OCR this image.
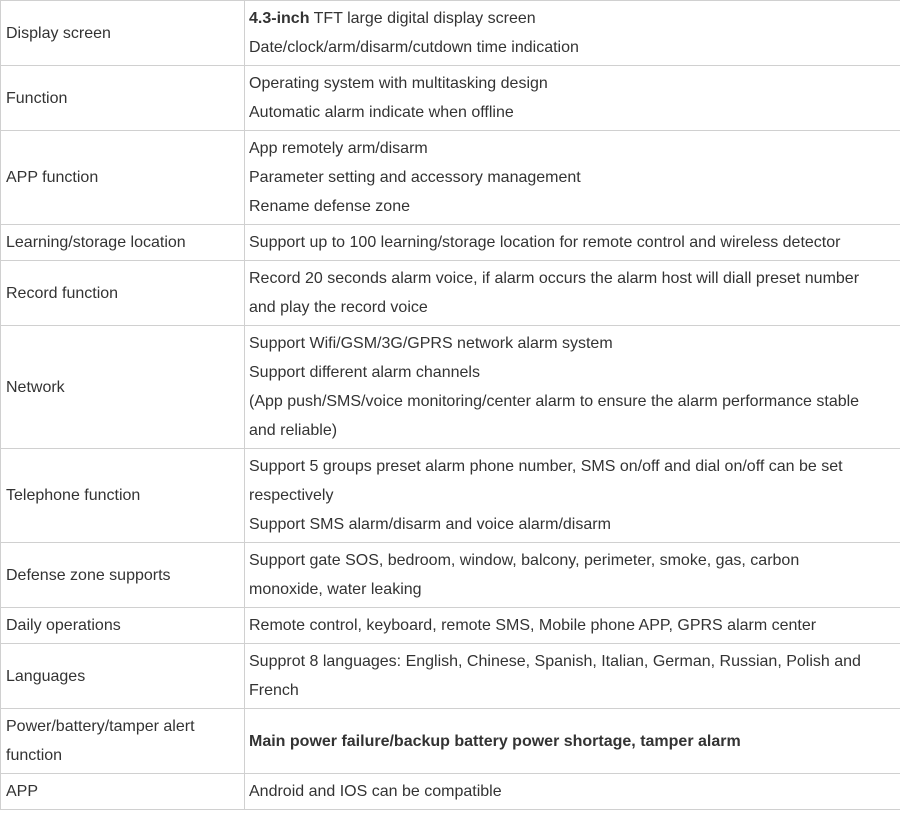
Display screen	4.3-inch TFT large digital display screen
Date/clock/arm/disarm/cutdown time indication

Function	Operating system with multitasking design
Automatic alarm indicate when offline

APP function	App remotely arm/disarm
Parameter setting and accessory management
Rename defense zone

Learning/storage location	Support up to 100 learning/storage location for remote control and wireless detector

Record function	Record 20 seconds alarm voice, if alarm occurs the alarm host will diall preset number
and play the record voice

Network	Support Wifi/GSM/3G/GPRS network alarm system
Support different alarm channels
(App push/SMS/voice monitoring/center alarm to ensure the alarm performance stable
and reliable)

Telephone function	Support 5 groups preset alarm phone number, SMS on/off and dial on/off can be set
respectively
Support SMS alarm/disarm and voice alarm/disarm

Defense zone supports	Support gate SOS, bedroom, window, balcony, perimeter, smoke, gas, carbon
monoxide, water leaking

Daily operations	Remote control, keyboard, remote SMS, Mobile phone APP, GPRS alarm center

Languages	Supprot 8 languages: English, Chinese, Spanish, Italian, German, Russian, Polish and
French

Power/battery/tamper alert
function	Main power failure/backup battery power shortage, tamper alarm

APP	Android and IOS can be compatible
